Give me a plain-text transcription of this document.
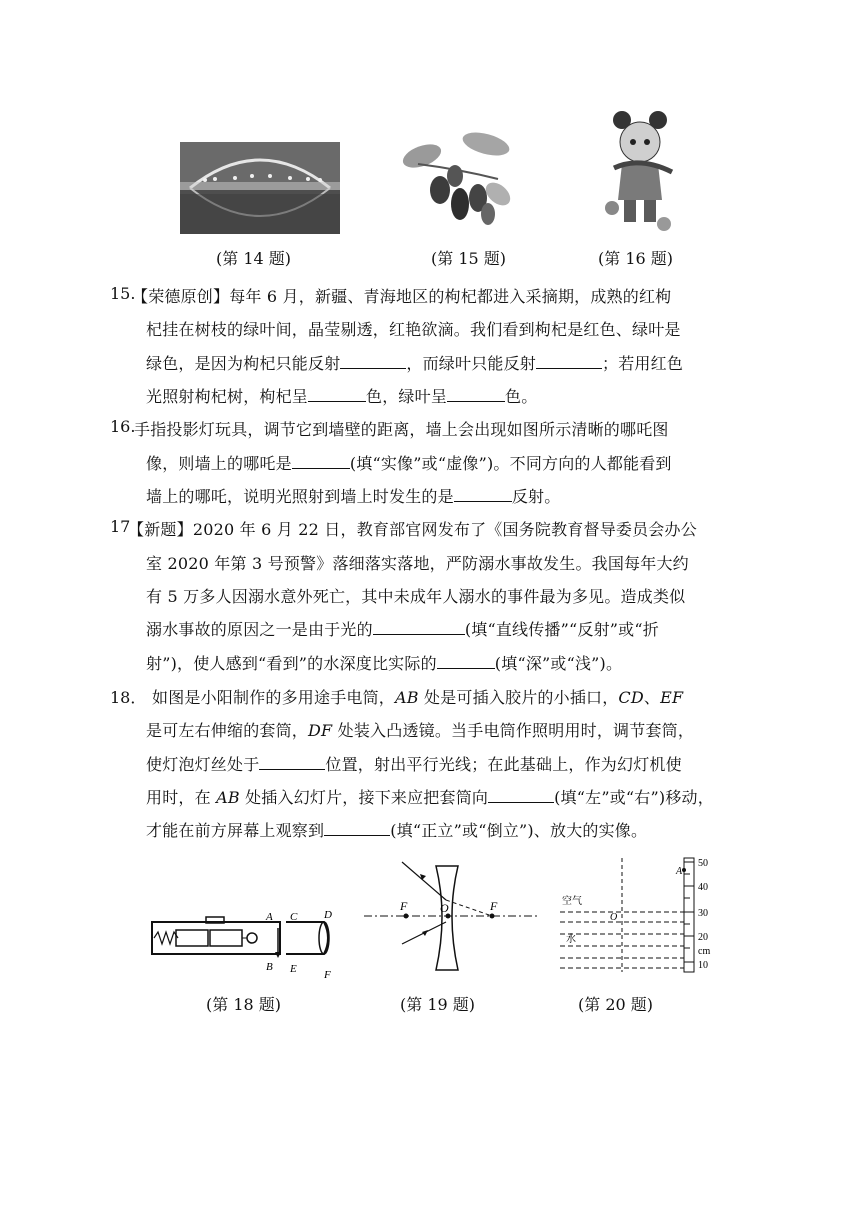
(第 14 题)	(第 15 题)	(第 16 题)
15.
【荣德原创】每年 6 月，新疆、青海地区的枸杞都进入采摘期，成熟的红枸
杞挂在树枝的绿叶间，晶莹剔透，红艳欲滴。我们看到枸杞是红色、绿叶是
绿色，是因为枸杞只能反射	，而绿叶只能反射	；若用红色
光照射枸杞树，枸杞呈	色，绿叶呈	色。
16.
手指投影灯玩具，调节它到墙壁的距离，墙上会出现如图所示清晰的哪吒图
像，则墙上的哪吒是	(填“实像”或“虚像”)。不同方向的人都能看到
墙上的哪吒，说明光照射到墙上时发生的是	反射。
17
【新题】2020 年 6 月 22 日，教育部官网发布了《国务院教育督导委员会办公
室 2020 年第 3 号预警》落细落实落地，严防溺水事故发生。我国每年大约
有 5 万多人因溺水意外死亡，其中未成年人溺水的事件最为多见。造成类似
溺水事故的原因之一是由于光的	(填“直线传播”“反射”或“折
射”)，使人感到“看到”的水深度比实际的	(填“深”或“浅”)。
18． 如图是小阳制作的多用途手电筒，AB 处是可插入胶片的小插口，CD、EF
是可左右伸缩的套筒，DF 处装入凸透镜。当手电筒作照明用时，调节套筒，
使灯泡灯丝处于	位置，射出平行光线；在此基础上，作为幻灯机使
用时，在 AB 处插入幻灯片，接下来应把套筒向	(填“左”或“右”)移动，
才能在前方屏幕上观察到	(填“正立”或“倒立”)、放大的实像。
A
B
C
E
D
F
F	O	F
A
O
空气
水
50
40
30
20
cm
10
(第 18 题)	(第 19 题)	(第 20 题)
